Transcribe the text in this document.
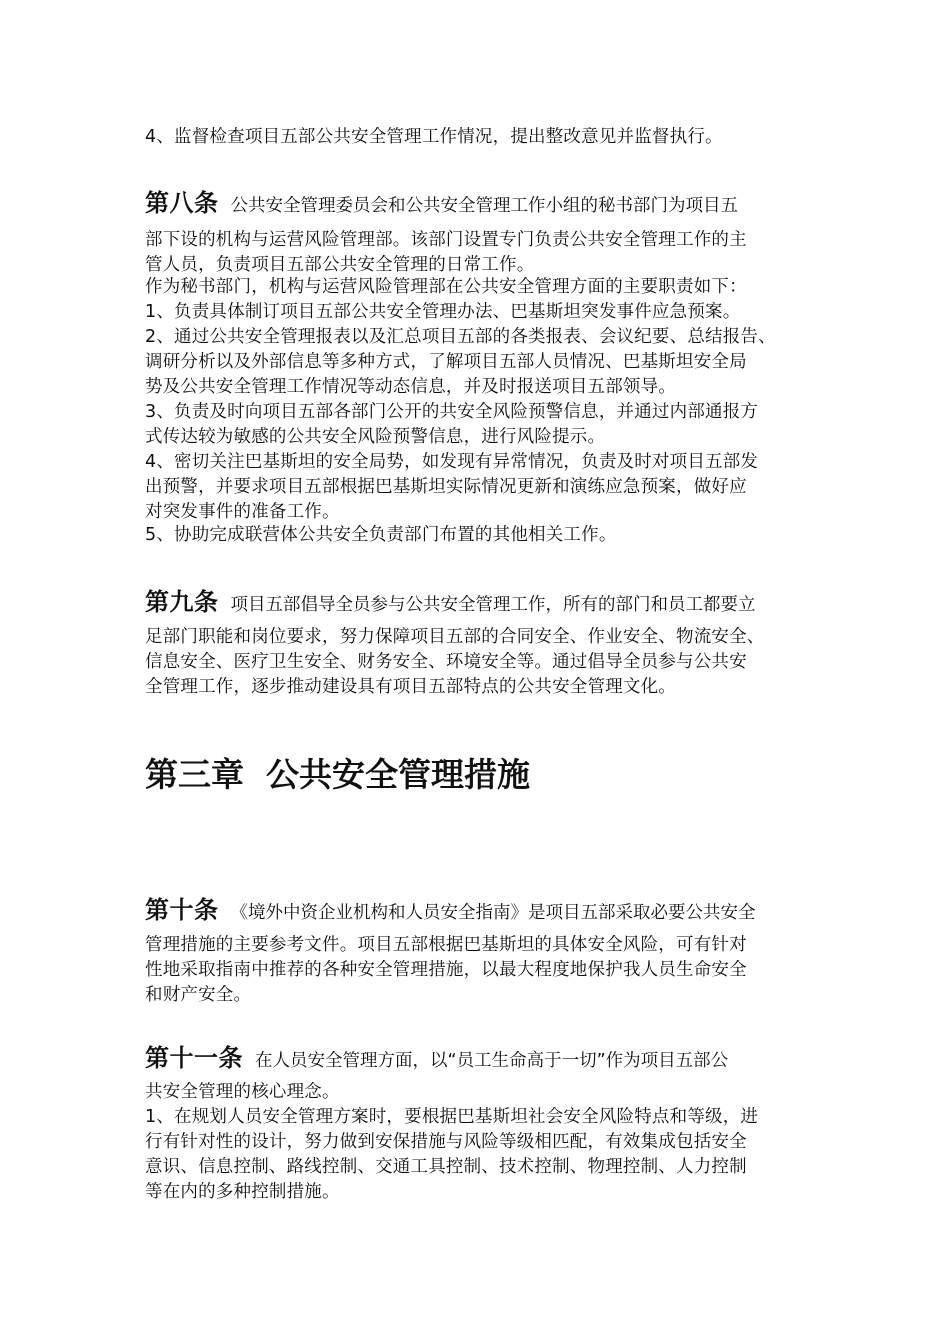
4、监督检查项目五部公共安全管理工作情况，提出整改意见并监督执行。

第八条 公共安全管理委员会和公共安全管理工作小组的秘书部门为项目五

部下设的机构与运营风险管理部。该部门设置专门负责公共安全管理工作的主

管人员，负责项目五部公共安全管理的日常工作。

作为秘书部门，机构与运营风险管理部在公共安全管理方面的主要职责如下：

1、负责具体制订项目五部公共安全管理办法、巴基斯坦突发事件应急预案。

2、通过公共安全管理报表以及汇总项目五部的各类报表、会议纪要、总结报告、

调研分析以及外部信息等多种方式，了解项目五部人员情况、巴基斯坦安全局

势及公共安全管理工作情况等动态信息，并及时报送项目五部领导。

3、负责及时向项目五部各部门公开的共安全风险预警信息，并通过内部通报方

式传达较为敏感的公共安全风险预警信息，进行风险提示。

4、密切关注巴基斯坦的安全局势，如发现有异常情况，负责及时对项目五部发

出预警，并要求项目五部根据巴基斯坦实际情况更新和演练应急预案，做好应

对突发事件的准备工作。

5、协助完成联营体公共安全负责部门布置的其他相关工作。

第九条 项目五部倡导全员参与公共安全管理工作，所有的部门和员工都要立

足部门职能和岗位要求，努力保障项目五部的合同安全、作业安全、物流安全、

信息安全、医疗卫生安全、财务安全、环境安全等。通过倡导全员参与公共安

全管理工作，逐步推动建设具有项目五部特点的公共安全管理文化。

第三章 公共安全管理措施

第十条 《境外中资企业机构和人员安全指南》是项目五部采取必要公共安全

管理措施的主要参考文件。项目五部根据巴基斯坦的具体安全风险，可有针对

性地采取指南中推荐的各种安全管理措施，以最大程度地保护我人员生命安全

和财产安全。

第十一条 在人员安全管理方面，以“员工生命高于一切”作为项目五部公

共安全管理的核心理念。

1、在规划人员安全管理方案时，要根据巴基斯坦社会安全风险特点和等级，进

行有针对性的设计，努力做到安保措施与风险等级相匹配，有效集成包括安全

意识、信息控制、路线控制、交通工具控制、技术控制、物理控制、人力控制

等在内的多种控制措施。
